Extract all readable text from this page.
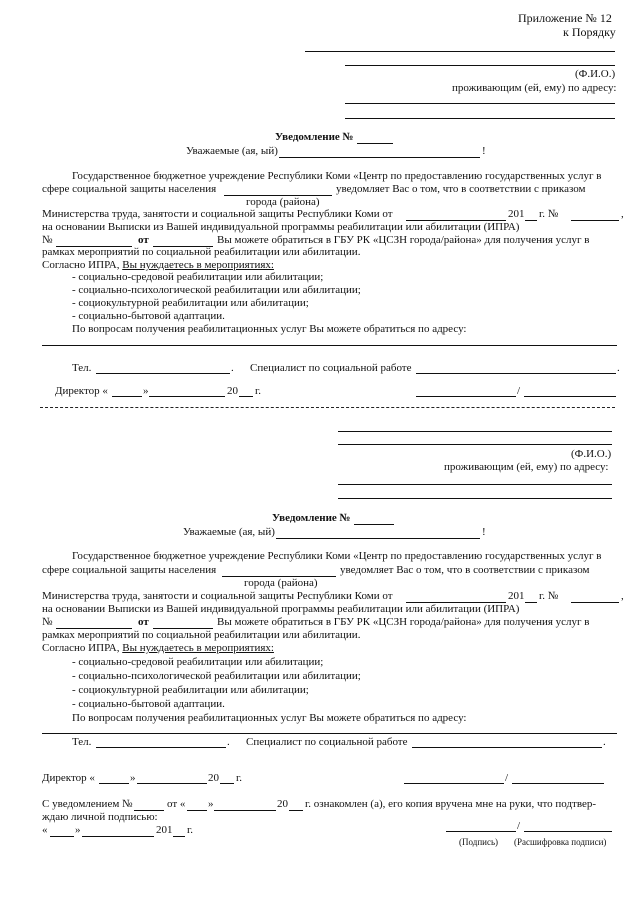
Приложение № 12
к Порядку
(Ф.И.О.)
проживающим (ей, ему) по адресу:
Уведомление №
Уважаемые (ая, ый)	!
Государственное бюджетное учреждение Республики Коми «Центр по предоставлению государственных услуг в
сфере социальной защиты населения	уведомляет Вас о том, что в соответствии с приказом
города (района)
Министерства труда, занятости и социальной защиты Республики Коми от	201 г. №	,
на основании Выписки из Вашей индивидуальной программы реабилитации или абилитации (ИПРА)
№	от	Вы можете обратиться в ГБУ РК «ЦСЗН города/района» для получения услуг в
рамках мероприятий по социальной реабилитации или абилитации.
Согласно ИПРА, Вы нуждаетесь в мероприятиях:
- социально-средовой реабилитации или абилитации;
- социально-психологической реабилитации или абилитации;
- социокультурной реабилитации или абилитации;
- социально-бытовой адаптации.
По вопросам получения реабилитационных услуг Вы можете обратиться по адресу:
Тел.	. Специалист по социальной работе	.
Директор «	»	20 г.	/
(Ф.И.О.)
проживающим (ей, ему) по адресу:
Уведомление №
Уважаемые (ая, ый)	!
Государственное бюджетное учреждение Республики Коми «Центр по предоставлению государственных услуг в
сфере социальной защиты населения	уведомляет Вас о том, что в соответствии с приказом
города (района)
Министерства труда, занятости и социальной защиты Республики Коми от	201 г. №	,
на основании Выписки из Вашей индивидуальной программы реабилитации или абилитации (ИПРА)
№	от	Вы можете обратиться в ГБУ РК «ЦСЗН города/района» для получения услуг в
рамках мероприятий по социальной реабилитации или абилитации.
Согласно ИПРА, Вы нуждаетесь в мероприятиях:
- социально-средовой реабилитации или абилитации;
- социально-психологической реабилитации или абилитации;
- социокультурной реабилитации или абилитации;
- социально-бытовой адаптации.
По вопросам получения реабилитационных услуг Вы можете обратиться по адресу:
Тел.	. Специалист по социальной работе	.
Директор «	»	20 г.	/
С уведомлением №	от « »	20 г. ознакомлен (а), его копия вручена мне на руки, что подтвер-
ждаю личной подписью:
«	»	201 г.	/
(Подпись) (Расшифровка подписи)
